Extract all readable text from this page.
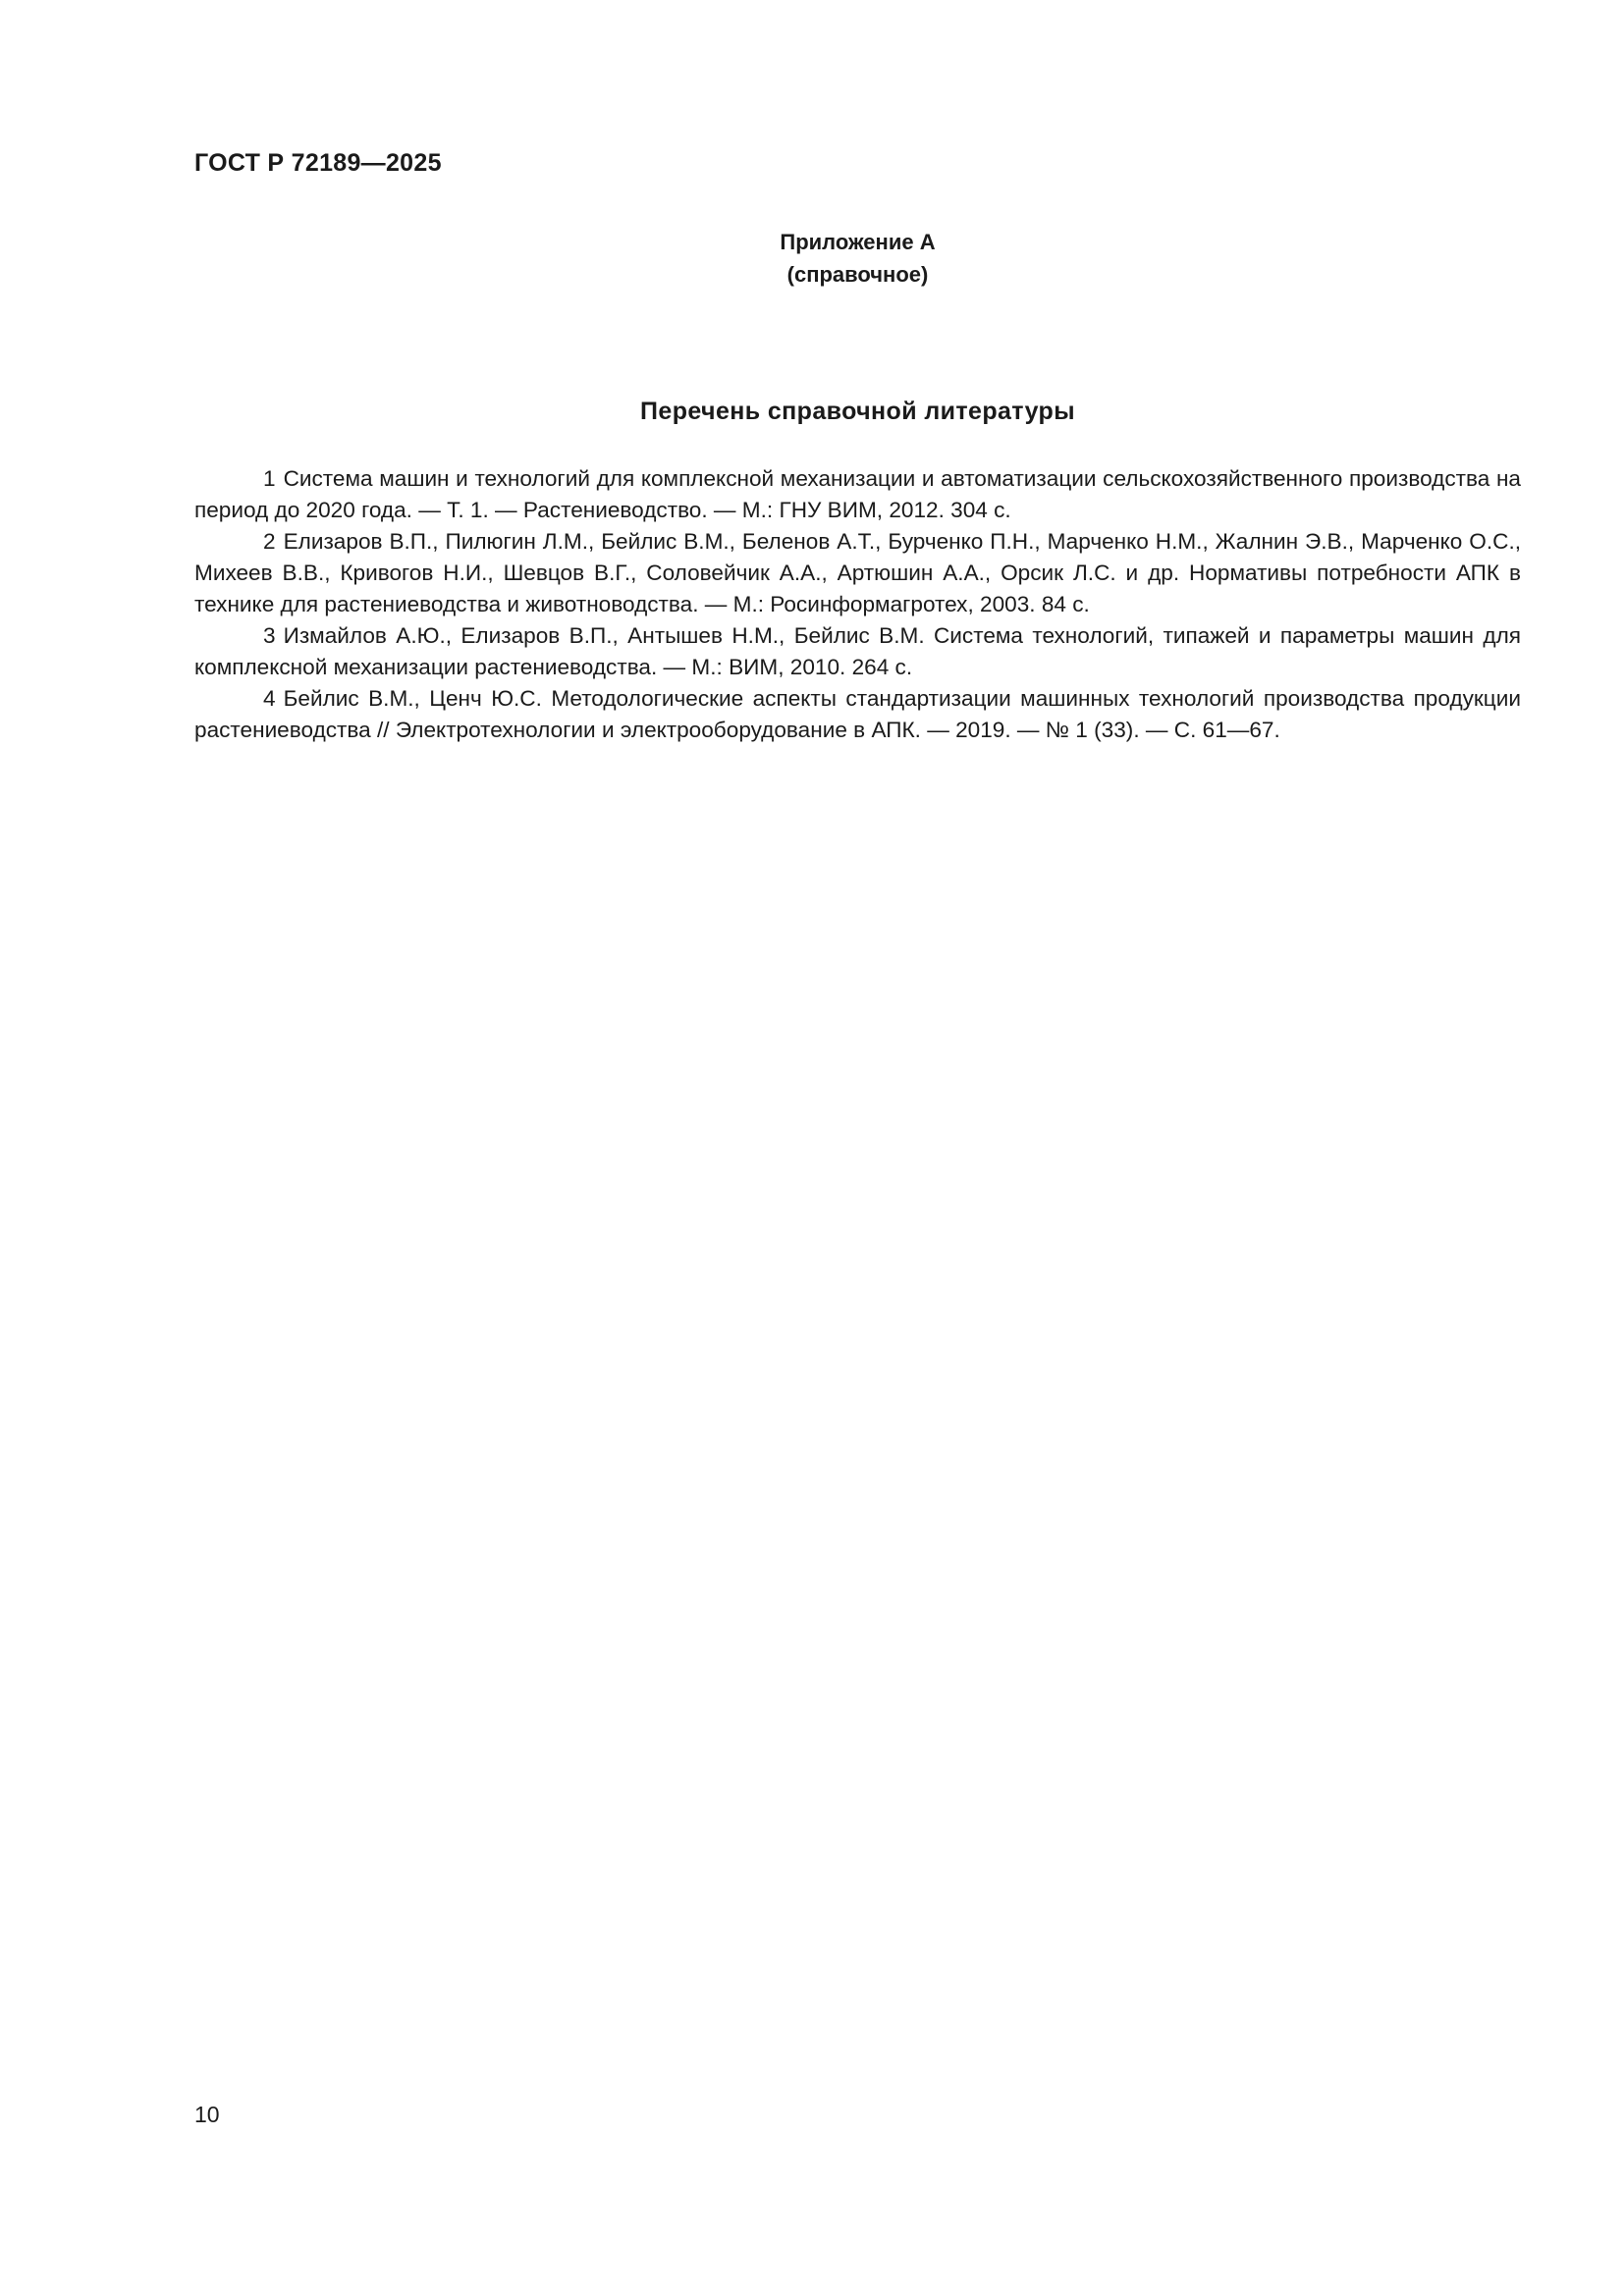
ГОСТ Р 72189—2025
Приложение А
(справочное)
Перечень справочной литературы

1 Система машин и технологий для комплексной механизации и автоматизации сельскохозяйственного производства на период до 2020 года. — Т. 1. — Растениеводство. — М.: ГНУ ВИМ, 2012. 304 с.

2 Елизаров В.П., Пилюгин Л.М., Бейлис В.М., Беленов А.Т., Бурченко П.Н., Марченко Н.М., Жалнин Э.В., Марченко О.С., Михеев В.В., Кривогов Н.И., Шевцов В.Г., Соловейчик А.А., Артюшин А.А., Орсик Л.С. и др. Нормативы потребности АПК в технике для растениеводства и животноводства. — М.: Росинформагротех, 2003. 84 с.

3 Измайлов А.Ю., Елизаров В.П., Антышев Н.М., Бейлис В.М. Система технологий, типажей и параметры машин для комплексной механизации растениеводства. — М.: ВИМ, 2010. 264 с.

4 Бейлис В.М., Ценч Ю.С. Методологические аспекты стандартизации машинных технологий производства продукции растениеводства // Электротехнологии и электрооборудование в АПК. — 2019. — № 1 (33). — С. 61—67.

10
